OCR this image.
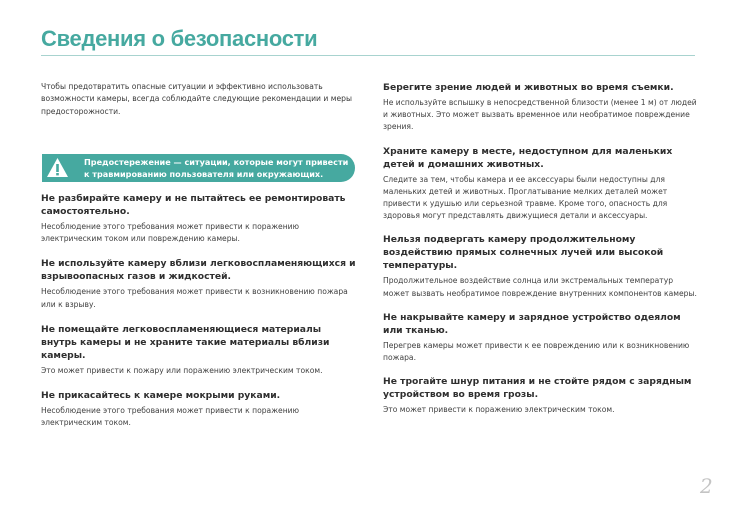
Сведения о безопасности

Чтобы предотвратить опасные ситуации и эффективно использовать возможности камеры, всегда соблюдайте следующие рекомендации и меры предосторожности.

Предостережение — ситуации, которые могут привести к травмированию пользователя или окружающих.

Не разбирайте камеру и не пытайтесь ее ремонтировать самостоятельно.

Несоблюдение этого требования может привести к поражению электрическим током или повреждению камеры.

Не используйте камеру вблизи легковоспламеняющихся и взрывоопасных газов и жидкостей.

Несоблюдение этого требования может привести к возникновению пожара или к взрыву.

Не помещайте легковоспламеняющиеся материалы внутрь камеры и не храните такие материалы вблизи камеры.

Это может привести к пожару или поражению электрическим током.

Не прикасайтесь к камере мокрыми руками.

Несоблюдение этого требования может привести к поражению электрическим током.

Берегите зрение людей и животных во время съемки.

Не используйте вспышку в непосредственной близости (менее 1 м) от людей и животных. Это может вызвать временное или необратимое повреждение зрения.

Храните камеру в месте, недоступном для маленьких детей и домашних животных.

Следите за тем, чтобы камера и ее аксессуары были недоступны для маленьких детей и животных. Проглатывание мелких деталей может привести к удушью или серьезной травме. Кроме того, опасность для здоровья могут представлять движущиеся детали и аксессуары.

Нельзя подвергать камеру продолжительному воздействию прямых солнечных лучей или высокой температуры.

Продолжительное воздействие солнца или экстремальных температур может вызвать необратимое повреждение внутренних компонентов камеры.

Не накрывайте камеру и зарядное устройство одеялом или тканью.

Перегрев камеры может привести к ее повреждению или к возникновению пожара.

Не трогайте шнур питания и не стойте рядом с зарядным устройством во время грозы.

Это может привести к поражению электрическим током.

2
